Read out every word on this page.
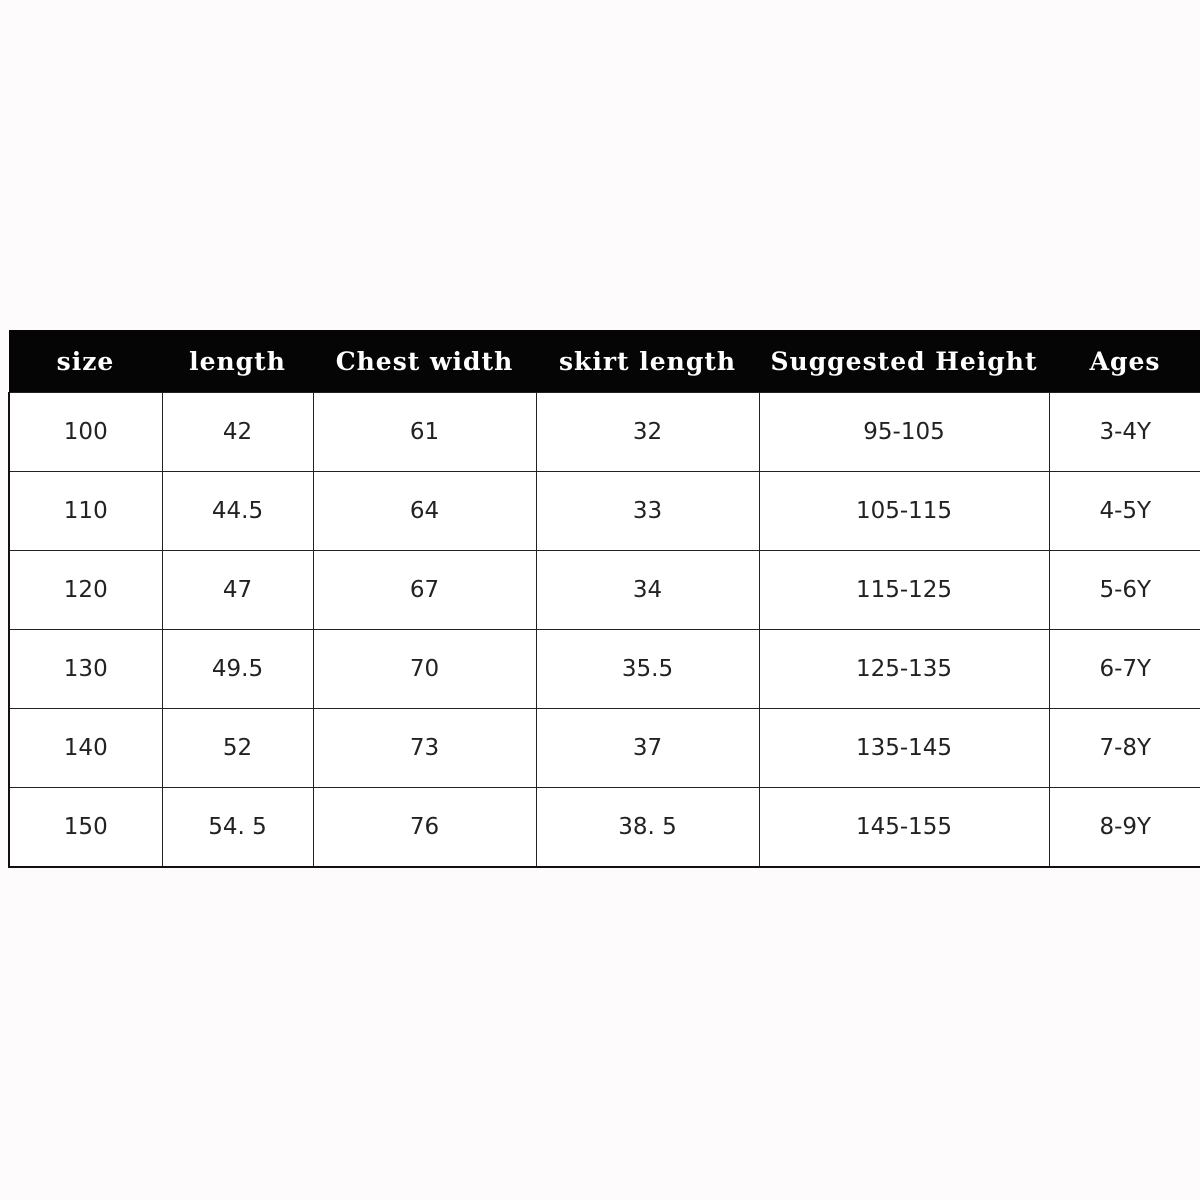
size	length	Chest width	skirt length	Suggested Height	Ages
100	42	61	32	95-105	3-4Y
110	44.5	64	33	105-115	4-5Y
120	47	67	34	115-125	5-6Y
130	49.5	70	35.5	125-135	6-7Y
140	52	73	37	135-145	7-8Y
150	54. 5	76	38. 5	145-155	8-9Y
